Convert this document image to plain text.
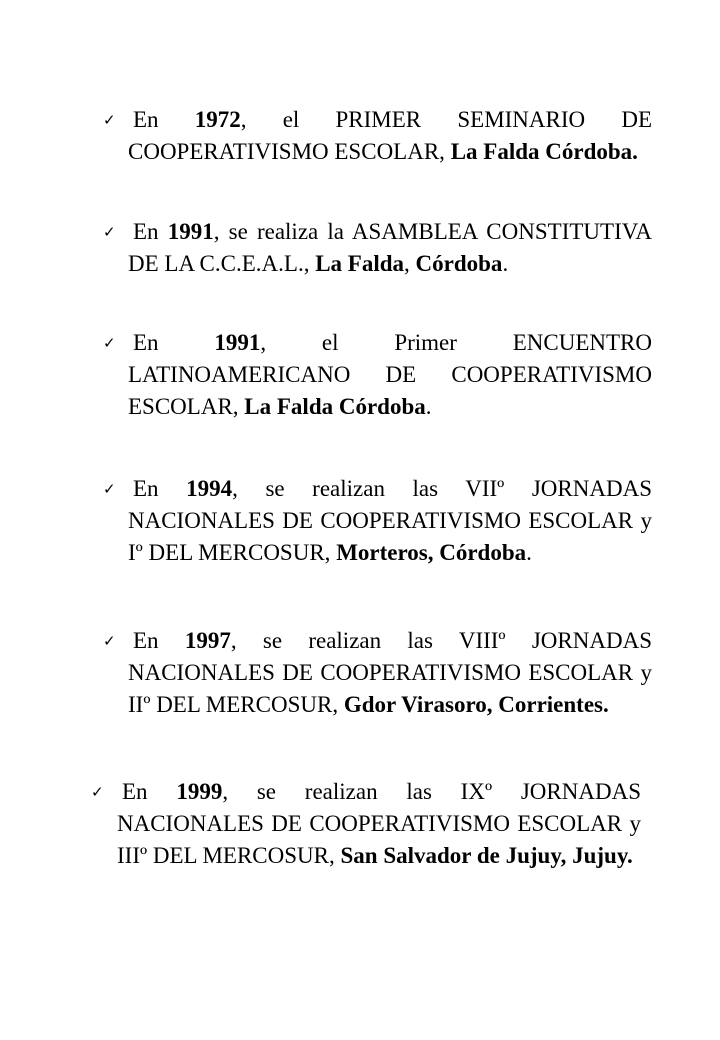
✓ En 1972, el PRIMER SEMINARIO DE COOPERATIVISMO ESCOLAR, La Falda Córdoba.
✓ En 1991, se realiza la ASAMBLEA CONSTITUTIVA DE LA C.C.E.A.L., La Falda, Córdoba.
✓ En 1991, el Primer ENCUENTRO LATINOAMERICANO DE COOPERATIVISMO ESCOLAR, La Falda Córdoba.
✓ En 1994, se realizan las VIIº JORNADAS NACIONALES DE COOPERATIVISMO ESCOLAR y Iº DEL MERCOSUR, Morteros, Córdoba.
✓ En 1997, se realizan las VIIIº JORNADAS NACIONALES DE COOPERATIVISMO ESCOLAR y IIº DEL MERCOSUR, Gdor Virasoro, Corrientes.
✓ En 1999, se realizan las IXº JORNADAS NACIONALES DE COOPERATIVISMO ESCOLAR y IIIº DEL MERCOSUR, San Salvador de Jujuy, Jujuy.
